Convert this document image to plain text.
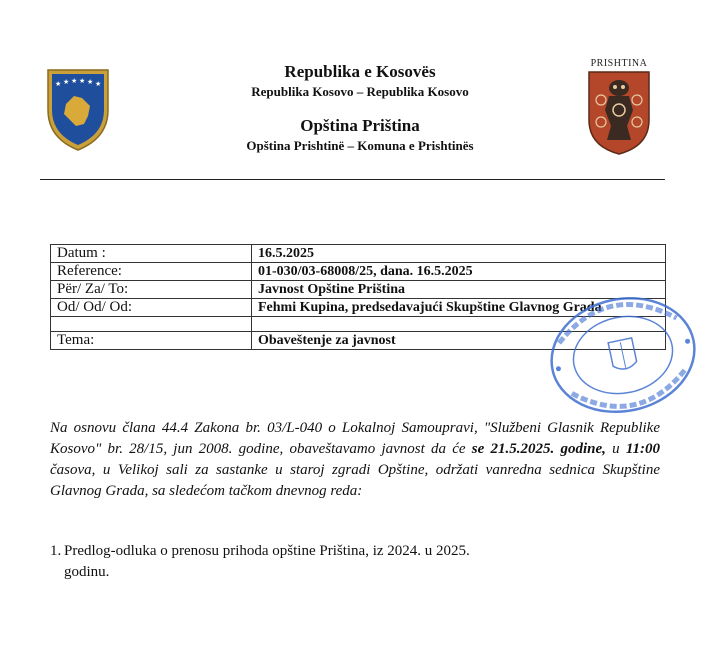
★ ★ ★ ★ ★ ★
Republika e Kosovës
Republika Kosovo – Republika Kosovo
Opština Priština
Opština Prishtinë – Komuna e Prishtinës
PRISHTINA
Datum :	16.5.2025
Reference:	01-030/03-68008/25, dana. 16.5.2025
Për/ Za/ To:	Javnost Opštine Priština
Od/ Od/ Od:	Fehmi Kupina, predsedavajući Skupštine Glavnog Grada

Tema:	Obaveštenje za javnost
Na osnovu člana 44.4 Zakona br. 03/L-040 o Lokalnoj Samoupravi, "Službeni Glasnik Republike Kosovo" br. 28/15, jun 2008. godine, obaveštavamo javnost da će se 21.5.2025. godine, u 11:00 časova, u Velikoj sali za sastanke u staroj zgradi Opštine, održati vanredna sednica Skupštine Glavnog Grada, sa sledećom tačkom dnevnog reda:
1. Predlog-odluka o prenosu prihoda opštine Priština, iz 2024. u 2025. godinu.
